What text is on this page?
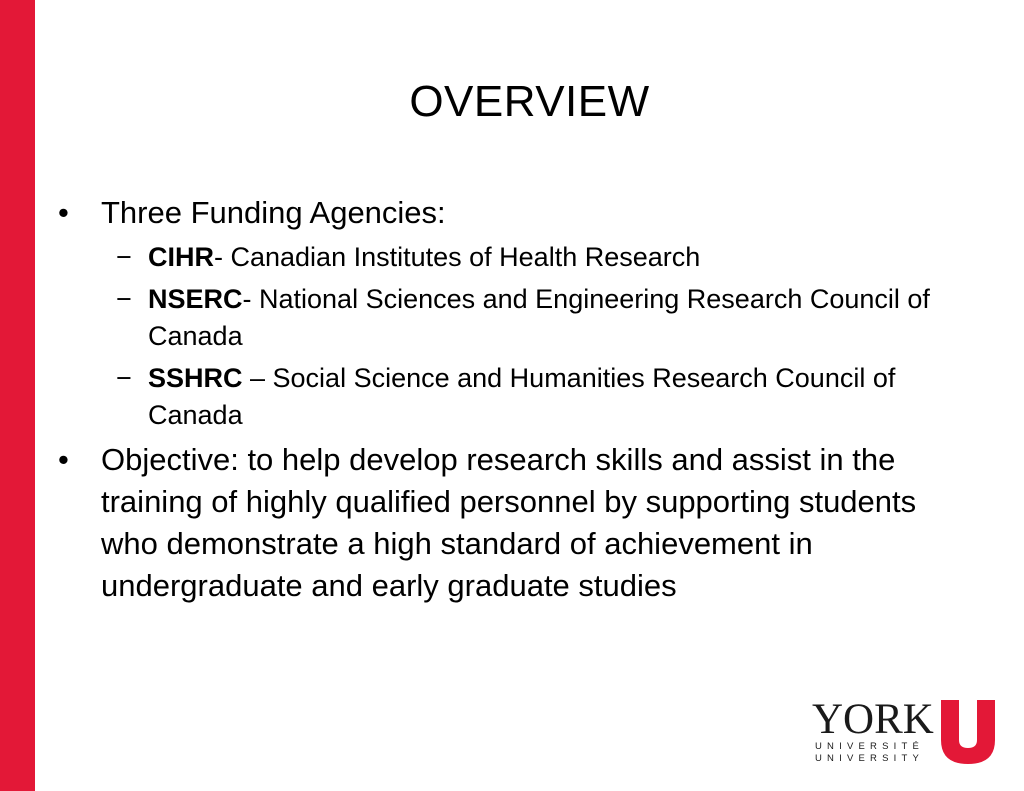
OVERVIEW
• Three Funding Agencies:
− CIHR- Canadian Institutes of Health Research
− NSERC- National Sciences and Engineering Research Council of Canada
− SSHRC – Social Science and Humanities Research Council of Canada
• Objective: to help develop research skills and assist in the training of highly qualified personnel by supporting students who demonstrate a high standard of achievement in undergraduate and early graduate studies
YORK
UNIVERSITÉ
UNIVERSITY
